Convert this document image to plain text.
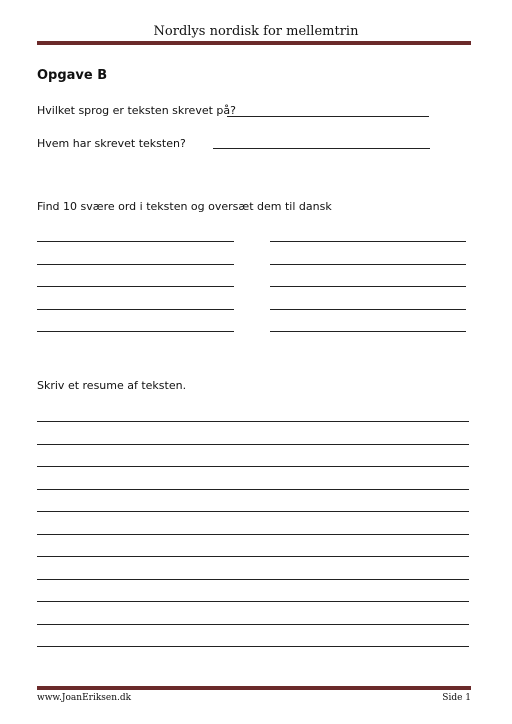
Nordlys nordisk for mellemtrin
Opgave B
Hvilket sprog er teksten skrevet på?
Hvem har skrevet teksten?
Find 10 svære ord i teksten og oversæt dem til dansk
Skriv et resume af teksten.
www.JoanEriksen.dk	Side 1
